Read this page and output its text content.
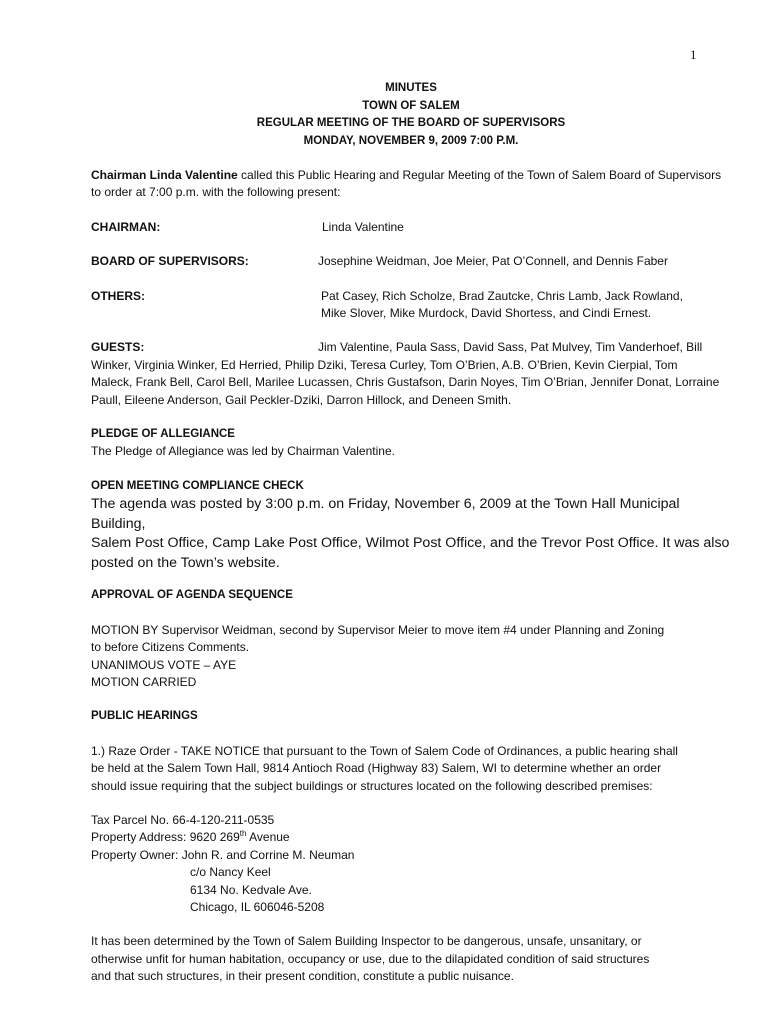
1
MINUTES
TOWN OF SALEM
REGULAR MEETING OF THE BOARD OF SUPERVISORS
MONDAY, NOVEMBER 9, 2009 7:00 P.M.
Chairman Linda Valentine called this Public Hearing and Regular Meeting of the Town of Salem Board of Supervisors
to order at 7:00 p.m. with the following present:
CHAIRMAN:	Linda Valentine
BOARD OF SUPERVISORS:	Josephine Weidman, Joe Meier, Pat O’Connell, and Dennis Faber
OTHERS:	Pat Casey, Rich Scholze, Brad Zautcke, Chris Lamb, Jack Rowland,
Mike Slover, Mike Murdock, David Shortess, and Cindi Ernest.
GUESTS:	Jim Valentine, Paula Sass, David Sass, Pat Mulvey, Tim Vanderhoef, Bill
Winker, Virginia Winker, Ed Herried, Philip Dziki, Teresa Curley, Tom O’Brien, A.B. O’Brien, Kevin Cierpial, Tom
Maleck, Frank Bell, Carol Bell, Marilee Lucassen, Chris Gustafson, Darin Noyes, Tim O’Brian, Jennifer Donat, Lorraine
Paull, Eileene Anderson, Gail Peckler-Dziki, Darron Hillock, and Deneen Smith.
PLEDGE OF ALLEGIANCE
The Pledge of Allegiance was led by Chairman Valentine.
OPEN MEETING COMPLIANCE CHECK
The agenda was posted by 3:00 p.m. on Friday, November 6, 2009 at the Town Hall Municipal Building,
Salem Post Office, Camp Lake Post Office, Wilmot Post Office, and the Trevor Post Office. It was also
posted on the Town’s website.
APPROVAL OF AGENDA SEQUENCE
MOTION BY Supervisor Weidman, second by Supervisor Meier to move item #4 under Planning and Zoning
to before Citizens Comments.
UNANIMOUS VOTE – AYE
MOTION CARRIED
PUBLIC HEARINGS
1.) Raze Order - TAKE NOTICE that pursuant to the Town of Salem Code of Ordinances, a public hearing shall
be held at the Salem Town Hall, 9814 Antioch Road (Highway 83) Salem, WI to determine whether an order
should issue requiring that the subject buildings or structures located on the following described premises:
Tax Parcel No. 66-4-120-211-0535
Property Address: 9620 269th Avenue
Property Owner: John R. and Corrine M. Neuman
c/o Nancy Keel
6134 No. Kedvale Ave.
Chicago, IL 606046-5208
It has been determined by the Town of Salem Building Inspector to be dangerous, unsafe, unsanitary, or
otherwise unfit for human habitation, occupancy or use, due to the dilapidated condition of said structures
and that such structures, in their present condition, constitute a public nuisance.
